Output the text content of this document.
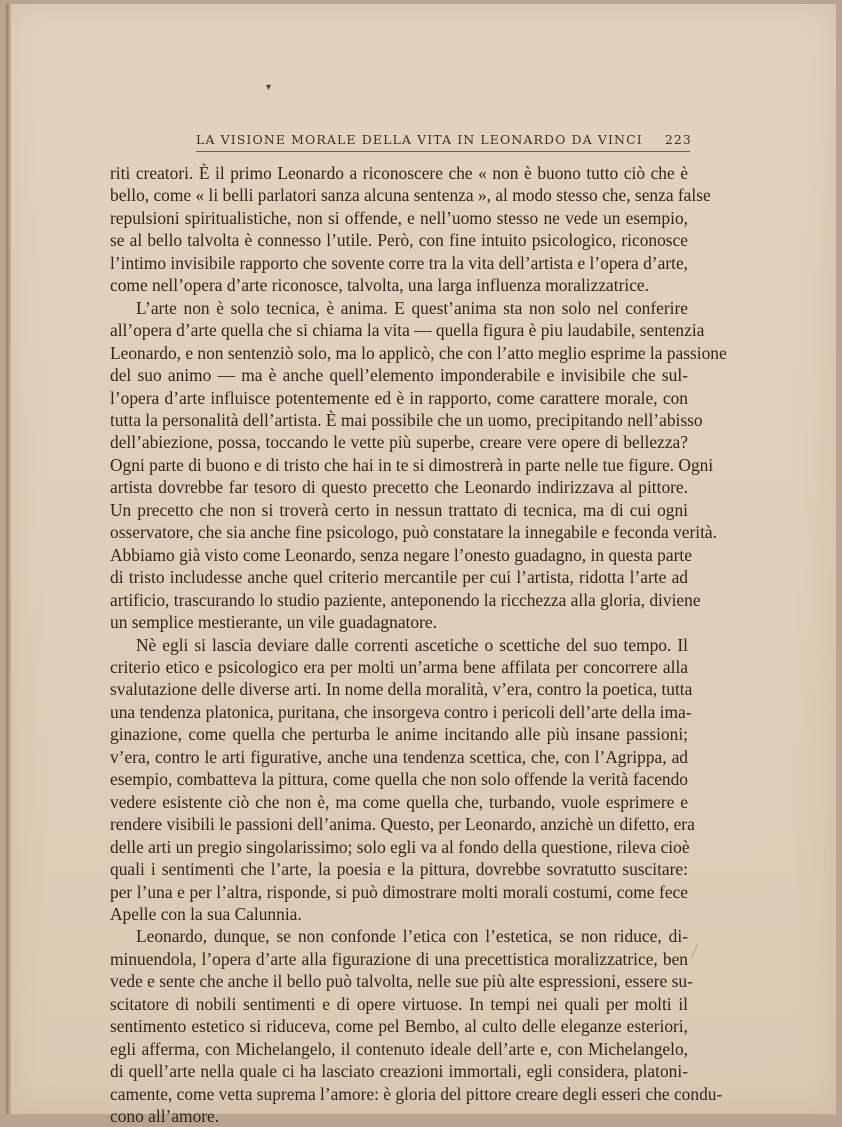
▾
LA VISIONE MORALE DELLA VITA IN LEONARDO DA VINCI 223
riti creatori. È il primo Leonardo a riconoscere che « non è buono tutto ciò che è
bello, come « li belli parlatori sanza alcuna sentenza », al modo stesso che, senza false
repulsioni spiritualistiche, non si offende, e nell’uomo stesso ne vede un esempio,
se al bello talvolta è connesso l’utile. Però, con fine intuito psicologico, riconosce
l’intimo invisibile rapporto che sovente corre tra la vita dell’artista e l’opera d’arte,
come nell’opera d’arte riconosce, talvolta, una larga influenza moralizzatrice.
L’arte non è solo tecnica, è anima. E quest’anima sta non solo nel conferire
all’opera d’arte quella che si chiama la vita — quella figura è piu laudabile, sentenzia
Leonardo, e non sentenziò solo, ma lo applicò, che con l’atto meglio esprime la passione
del suo animo — ma è anche quell’elemento imponderabile e invisibile che sul-
l’opera d’arte influisce potentemente ed è in rapporto, come carattere morale, con
tutta la personalità dell’artista. È mai possibile che un uomo, precipitando nell’abisso
dell’abiezione, possa, toccando le vette più superbe, creare vere opere di bellezza?
Ogni parte di buono e di tristo che hai in te si dimostrerà in parte nelle tue figure. Ogni
artista dovrebbe far tesoro di questo precetto che Leonardo indirizzava al pittore.
Un precetto che non si troverà certo in nessun trattato di tecnica, ma di cui ogni
osservatore, che sia anche fine psicologo, può constatare la innegabile e feconda verità.
Abbiamo già visto come Leonardo, senza negare l’onesto guadagno, in questa parte
di tristo includesse anche quel criterio mercantile per cui l’artista, ridotta l’arte ad
artificio, trascurando lo studio paziente, anteponendo la ricchezza alla gloria, diviene
un semplice mestierante, un vile guadagnatore.
Nè egli si lascia deviare dalle correnti ascetiche o scettiche del suo tempo. Il
criterio etico e psicologico era per molti un’arma bene affilata per concorrere alla
svalutazione delle diverse arti. In nome della moralità, v’era, contro la poetica, tutta
una tendenza platonica, puritana, che insorgeva contro i pericoli dell’arte della ima-
ginazione, come quella che perturba le anime incitando alle più insane passioni;
v’era, contro le arti figurative, anche una tendenza scettica, che, con l’Agrippa, ad
esempio, combatteva la pittura, come quella che non solo offende la verità facendo
vedere esistente ciò che non è, ma come quella che, turbando, vuole esprimere e
rendere visibili le passioni dell’anima. Questo, per Leonardo, anzichè un difetto, era
delle arti un pregio singolarissimo; solo egli va al fondo della questione, rileva cioè
quali i sentimenti che l’arte, la poesia e la pittura, dovrebbe sovratutto suscitare:
per l’una e per l’altra, risponde, si può dimostrare molti morali costumi, come fece
Apelle con la sua Calunnia.
Leonardo, dunque, se non confonde l’etica con l’estetica, se non riduce, di-
minuendola, l’opera d’arte alla figurazione di una precettistica moralizzatrice, ben
vede e sente che anche il bello può talvolta, nelle sue più alte espressioni, essere su-
scitatore di nobili sentimenti e di opere virtuose. In tempi nei quali per molti il
sentimento estetico si riduceva, come pel Bembo, al culto delle eleganze esteriori,
egli afferma, con Michelangelo, il contenuto ideale dell’arte e, con Michelangelo,
di quell’arte nella quale ci ha lasciato creazioni immortali, egli considera, platoni-
camente, come vetta suprema l’amore: è gloria del pittore creare degli esseri che condu-
cono all’amore.
